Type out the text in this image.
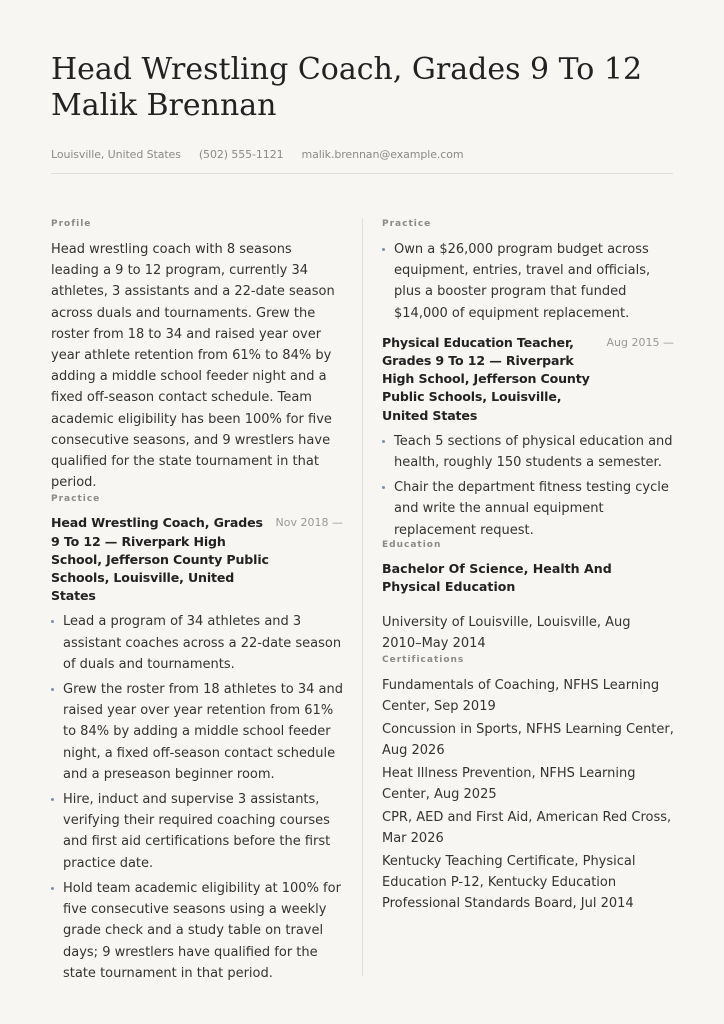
Head Wrestling Coach, Grades 9 To 12 Malik Brennan
Louisville, United States (502) 555-1121 malik.brennan@example.com
Profile

Head wrestling coach with 8 seasons leading a 9 to 12 program, currently 34 athletes, 3 assistants and a 22-date season across duals and tournaments. Grew the roster from 18 to 34 and raised year over year athlete retention from 61% to 84% by adding a middle school feeder night and a fixed off-season contact schedule. Team academic eligibility has been 100% for five consecutive seasons, and 9 wrestlers have qualified for the state tournament in that period.

Practice
Head Wrestling Coach, Grades 9 To 12 — Riverpark High School, Jefferson County Public Schools, Louisville, United States
Nov 2018 —
Lead a program of 34 athletes and 3 assistant coaches across a 22-date season of duals and tournaments.
Grew the roster from 18 athletes to 34 and raised year over year retention from 61% to 84% by adding a middle school feeder night, a fixed off-season contact schedule and a preseason beginner room.
Hire, induct and supervise 3 assistants, verifying their required coaching courses and first aid certifications before the first practice date.
Hold team academic eligibility at 100% for five consecutive seasons using a weekly grade check and a study table on travel days; 9 wrestlers have qualified for the state tournament in that period.
Practice
Own a $26,000 program budget across equipment, entries, travel and officials, plus a booster program that funded $14,000 of equipment replacement.
Physical Education Teacher, Grades 9 To 12 — Riverpark High School, Jefferson County Public Schools, Louisville, United States
Aug 2015 —
Teach 5 sections of physical education and health, roughly 150 students a semester.
Chair the department fitness testing cycle and write the annual equipment replacement request.
Education
Bachelor Of Science, Health And Physical Education
University of Louisville, Louisville, Aug 2010–May 2014
Certifications
Fundamentals of Coaching, NFHS Learning Center, Sep 2019
Concussion in Sports, NFHS Learning Center, Aug 2026
Heat Illness Prevention, NFHS Learning Center, Aug 2025
CPR, AED and First Aid, American Red Cross, Mar 2026
Kentucky Teaching Certificate, Physical Education P-12, Kentucky Education Professional Standards Board, Jul 2014
